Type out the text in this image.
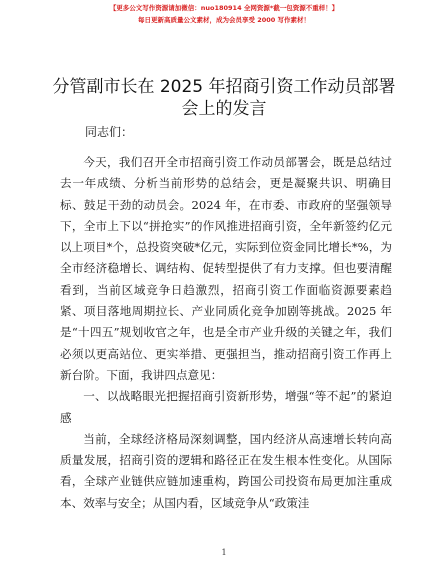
【更多公文写作资源请加微信：nuo180914 全网资源*截一包资源不重样！】
每日更新高质量公文素材，成为会员享受 2000 写作素材！
分管副市长在 2025 年招商引资工作动员部署会上的发言
同志们：

今天，我们召开全市招商引资工作动员部署会，既是总结过去一年成绩、分析当前形势的总结会，更是凝聚共识、明确目标、鼓足干劲的动员会。2024 年，在市委、市政府的坚强领导下，全市上下以“拼抢实”的作风推进招商引资，全年新签约亿元以上项目*个，总投资突破*亿元，实际到位资金同比增长*%，为全市经济稳增长、调结构、促转型提供了有力支撑。但也要清醒看到，当前区域竞争日趋激烈，招商引资工作面临资源要素趋紧、项目落地周期拉长、产业同质化竞争加剧等挑战。2025 年是“十四五”规划收官之年，也是全市产业升级的关键之年，我们必须以更高站位、更实举措、更强担当，推动招商引资工作再上新台阶。下面，我讲四点意见：

一、以战略眼光把握招商引资新形势，增强“等不起”的紧迫感

当前，全球经济格局深刻调整，国内经济从高速增长转向高质量发展，招商引资的逻辑和路径正在发生根本性变化。从国际看，全球产业链供应链加速重构，跨国公司投资布局更加注重成本、效率与安全；从国内看，区域竞争从“政策洼

1
